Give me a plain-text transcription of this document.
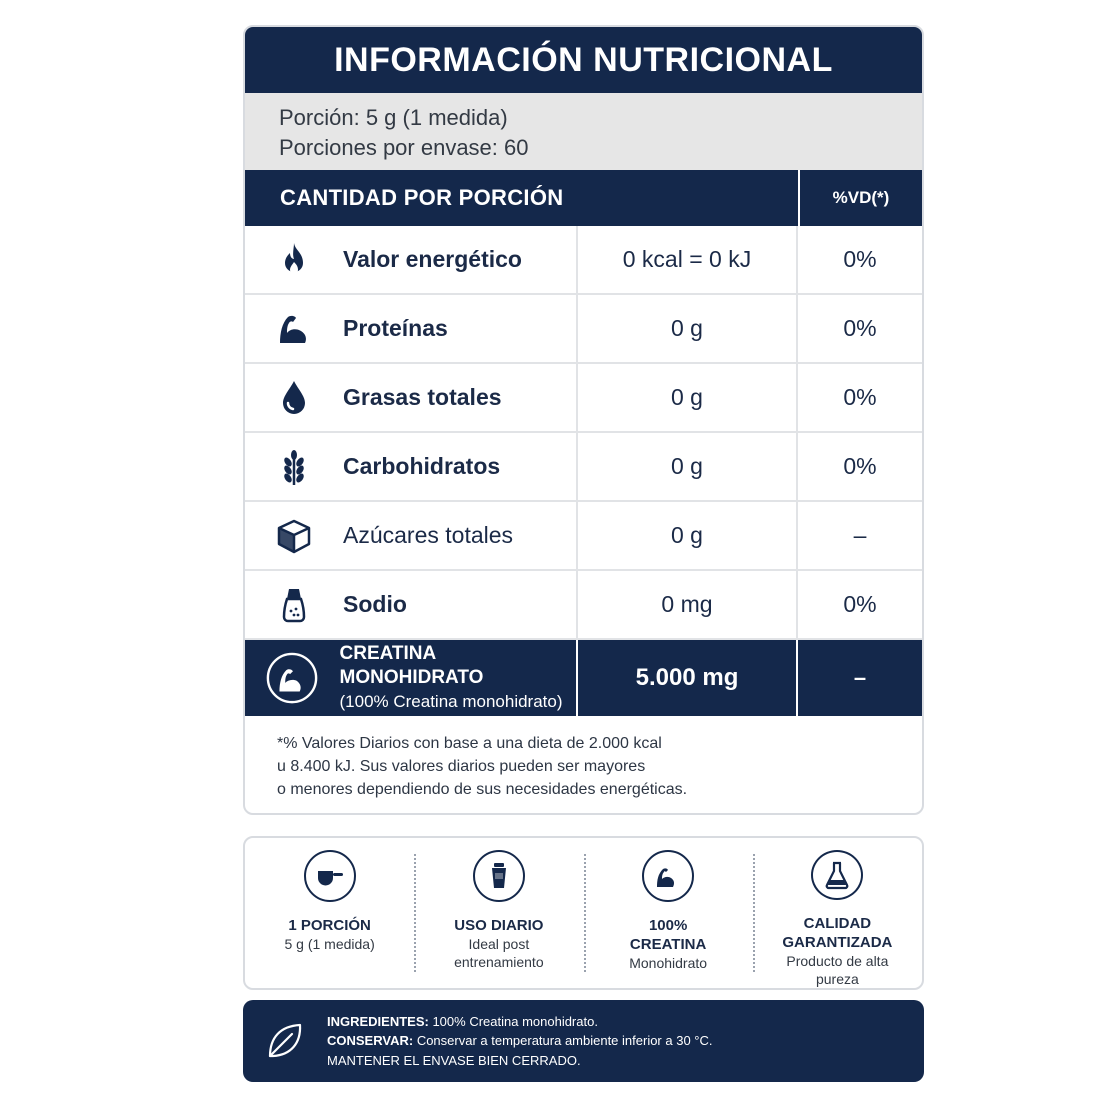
INFORMACIÓN NUTRICIONAL
Porción: 5 g (1 medida)
Porciones por envase: 60
CANTIDAD POR PORCIÓN	%VD(*)
Valor energético	0 kcal = 0 kJ	0%
Proteínas	0 g	0%
Grasas totales	0 g	0%
Carbohidratos	0 g	0%
Azúcares totales	0 g	–
Sodio	0 mg	0%
CREATINA MONOHIDRATO
(100% Creatina monohidrato)
5.000 mg	–
*% Valores Diarios con base a una dieta de 2.000 kcal
u 8.400 kJ. Sus valores diarios pueden ser mayores
o menores dependiendo de sus necesidades energéticas.
1 PORCIÓN
5 g (1 medida)
USO DIARIO
Ideal post
entrenamiento
100%
CREATINA
Monohidrato
CALIDAD
GARANTIZADA
Producto de alta
pureza
INGREDIENTES: 100% Creatina monohidrato.
CONSERVAR: Conservar a temperatura ambiente inferior a 30 °C.
MANTENER EL ENVASE BIEN CERRADO.
